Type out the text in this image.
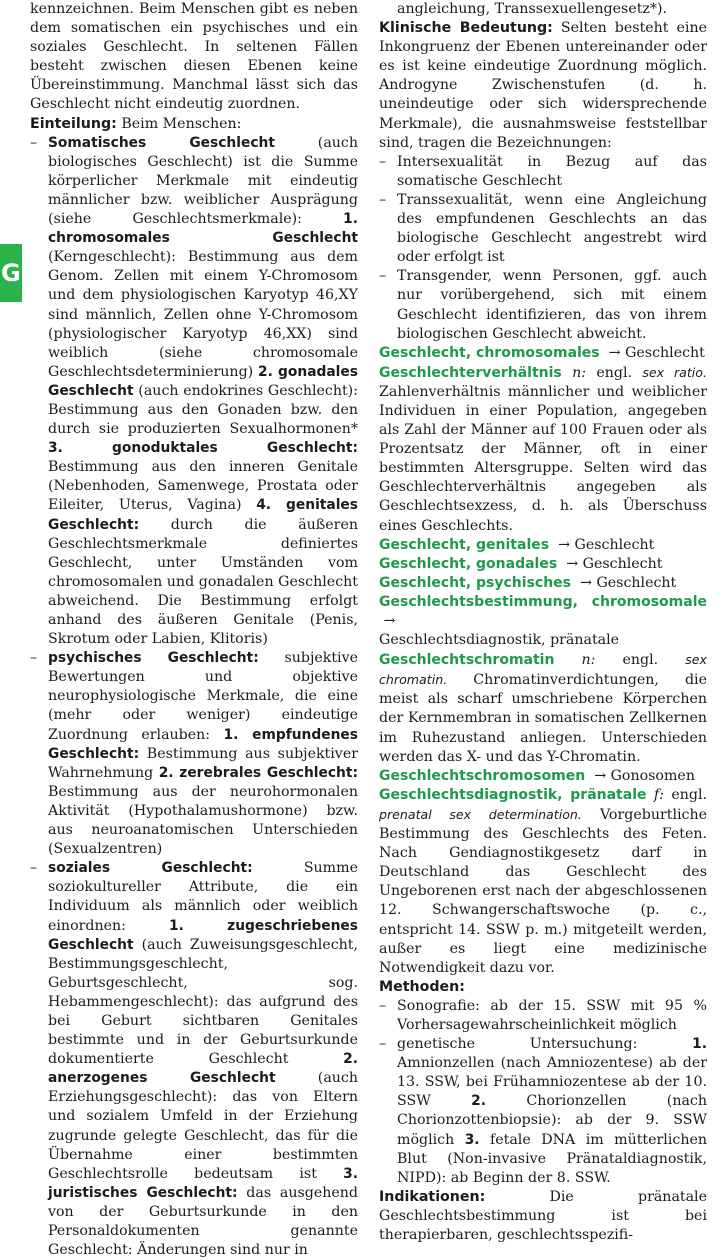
G

kennzeichnen. Beim Menschen gibt es neben dem somatischen ein psychisches und ein soziales Geschlecht. In seltenen Fällen besteht zwischen diesen Ebenen keine Übereinstimmung. Manchmal lässt sich das Geschlecht nicht eindeutig zuordnen.

Einteilung: Beim Menschen:

– Somatisches Geschlecht (auch biologisches Geschlecht) ist die Summe körperlicher Merkmale mit eindeutig männlicher bzw. weiblicher Ausprägung (siehe Geschlechtsmerkmale): 1. chromosomales Geschlecht (Kerngeschlecht): Bestimmung aus dem Genom. Zellen mit einem Y-Chromosom und dem physiologischen Karyotyp 46,XY sind männlich, Zellen ohne Y-Chromosom (physiologischer Karyotyp 46,XX) sind weiblich (siehe chromosomale Geschlechtsdeterminierung) 2. gonadales Geschlecht (auch endokrines Geschlecht): Bestimmung aus den Gonaden bzw. den durch sie produzierten Sexualhormonen* 3. gonoduktales Geschlecht: Bestimmung aus den inneren Genitale (Nebenhoden, Samenwege, Prostata oder Eileiter, Uterus, Vagina) 4. genitales Geschlecht: durch die äußeren Geschlechtsmerkmale definiertes Geschlecht, unter Umständen vom chromosomalen und gonadalen Geschlecht abweichend. Die Bestimmung erfolgt anhand des äußeren Genitale (Penis, Skrotum oder Labien, Klitoris)
– psychisches Geschlecht: subjektive Bewertungen und objektive neurophysiologische Merkmale, die eine (mehr oder weniger) eindeutige Zuordnung erlauben: 1. empfundenes Geschlecht: Bestimmung aus subjektiver Wahrnehmung 2. zerebrales Geschlecht: Bestimmung aus der neurohormonalen Aktivität (Hypothalamushormone) bzw. aus neuroanatomischen Unterschieden (Sexualzentren)
– soziales Geschlecht: Summe soziokultureller Attribute, die ein Individuum als männlich oder weiblich einordnen: 1. zugeschriebenes Geschlecht (auch Zuweisungsgeschlecht, Bestimmungsgeschlecht, Geburtsgeschlecht, sog. Hebammengeschlecht): das aufgrund des bei Geburt sichtbaren Genitales bestimmte und in der Geburtsurkunde dokumentierte Geschlecht 2. anerzogenes Geschlecht (auch Erziehungsgeschlecht): das von Eltern und sozialem Umfeld in der Erziehung zugrunde gelegte Geschlecht, das für die Übernahme einer bestimmten Geschlechtsrolle bedeutsam ist 3. juristisches Geschlecht: das ausgehend von der Geburtsurkunde in den Personaldokumenten genannte Geschlecht: Änderungen sind nur in

angleichung, Transsexuellengesetz*).

Klinische Bedeutung: Selten besteht eine Inkongruenz der Ebenen untereinander oder es ist keine eindeutige Zuordnung möglich. Androgyne Zwischenstufen (d. h. uneindeutige oder sich widersprechende Merkmale), die ausnahmsweise feststellbar sind, tragen die Bezeichnungen:

– Intersexualität in Bezug auf das somatische Geschlecht
– Transsexualität, wenn eine Angleichung des empfundenen Geschlechts an das biologische Geschlecht angestrebt wird oder erfolgt ist
– Transgender, wenn Personen, ggf. auch nur vorübergehend, sich mit einem Geschlecht identifizieren, das von ihrem biologischen Geschlecht abweicht.

Geschlecht, chromosomales → Geschlecht

Geschlechterverhältnis n: engl. sex ratio. Zahlenverhältnis männlicher und weiblicher Individuen in einer Population, angegeben als Zahl der Männer auf 100 Frauen oder als Prozentsatz der Männer, oft in einer bestimmten Altersgruppe. Selten wird das Geschlechterverhältnis angegeben als Geschlechtsexzess, d. h. als Überschuss eines Geschlechts.

Geschlecht, genitales → Geschlecht

Geschlecht, gonadales → Geschlecht

Geschlecht, psychisches → Geschlecht

Geschlechtsbestimmung, chromosomale  →
Geschlechtsdiagnostik, pränatale

Geschlechtschromatin n: engl. sex chromatin. Chromatinverdichtungen, die meist als scharf umschriebene Körperchen der Kernmembran in somatischen Zellkernen im Ruhezustand anliegen. Unterschieden werden das X- und das Y-Chromatin.

Geschlechtschromosomen → Gonosomen

Geschlechtsdiagnostik, pränatale f: engl. prenatal sex determination. Vorgeburtliche Bestimmung des Geschlechts des Feten. Nach Gendiagnostikgesetz darf in Deutschland das Geschlecht des Ungeborenen erst nach der abgeschlossenen 12. Schwangerschaftswoche (p. c., entspricht 14. SSW p. m.) mitgeteilt werden, außer es liegt eine medizinische Notwendigkeit dazu vor.

Methoden:

– Sonografie: ab der 15. SSW mit 95 % Vorhersagewahrscheinlichkeit möglich
– genetische Untersuchung: 1. Amnionzellen (nach Amniozentese) ab der 13. SSW, bei Frühamniozentese ab der 10. SSW 2. Chorionzellen (nach Chorionzottenbiopsie): ab der 9. SSW möglich 3. fetale DNA im mütterlichen Blut (Non-invasive Pränataldiagnostik, NIPD): ab Beginn der 8. SSW.

Indikationen: Die pränatale Geschlechtsbestimmung ist bei therapierbaren, geschlechtsspezifi-
